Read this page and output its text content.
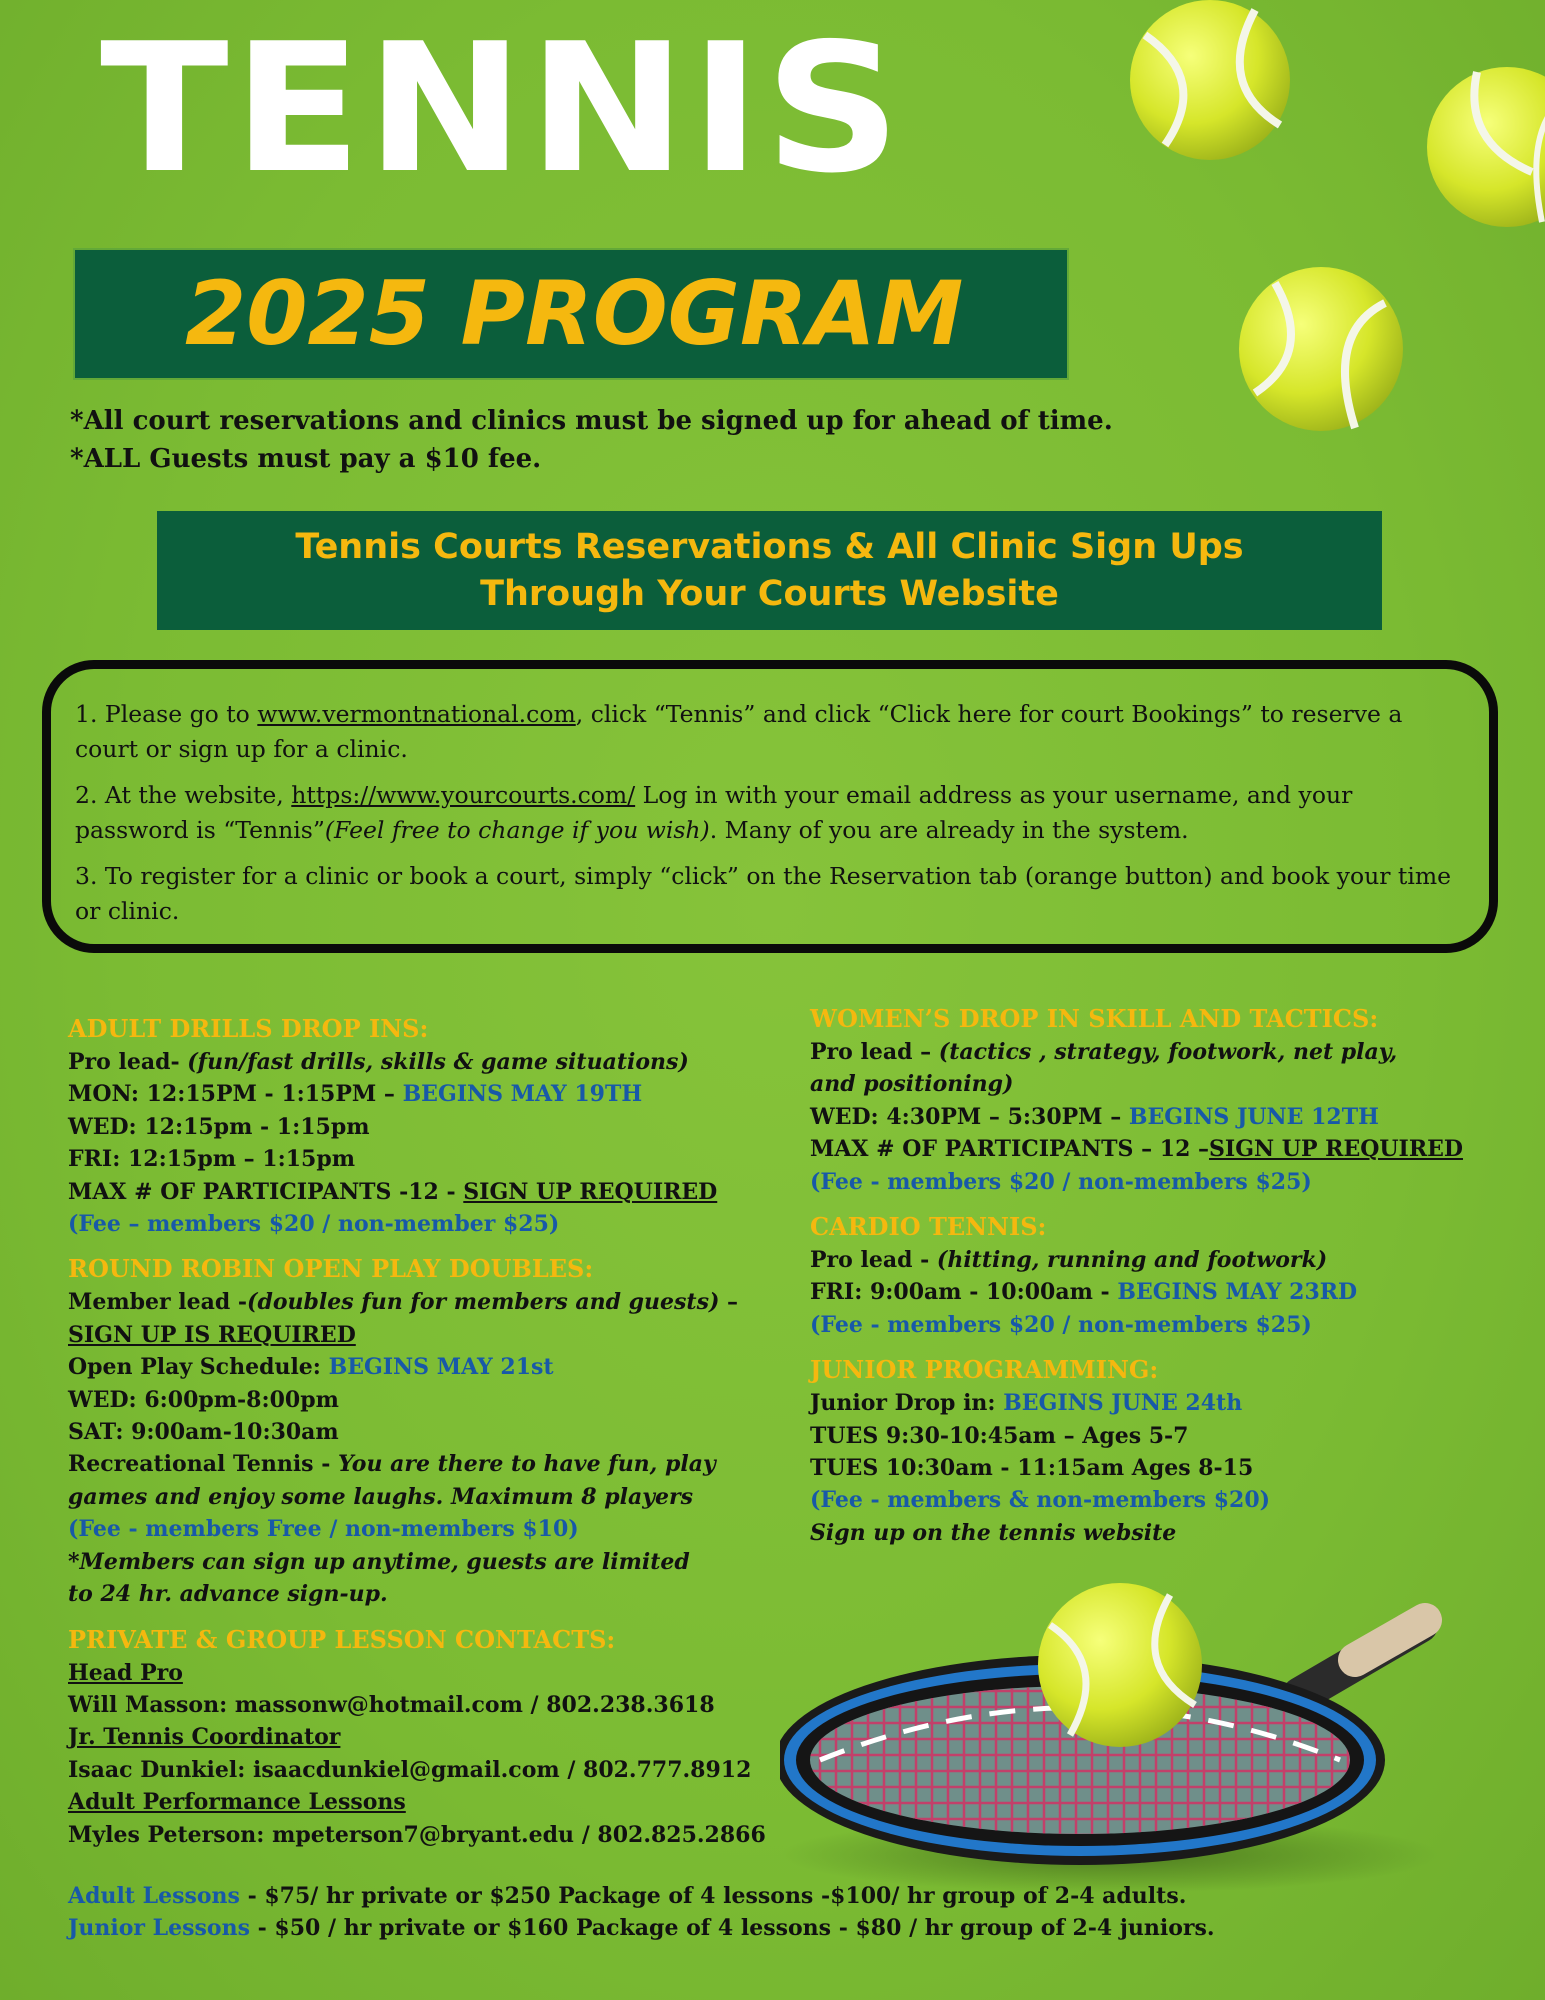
TENNIS
2025 PROGRAM
*All court reservations and clinics must be signed up for ahead of time.
*ALL Guests must pay a $10 fee.
Tennis Courts Reservations & All Clinic Sign Ups
Through Your Courts Website

1. Please go to www.vermontnational.com, click “Tennis” and click “Click here for court Bookings” to reserve a court or sign up for a clinic.

2. At the website, https://www.yourcourts.com/ Log in with your email address as your username, and your password is “Tennis”(Feel free to change if you wish). Many of you are already in the system.

3. To register for a clinic or book a court, simply “click” on the Reservation tab (orange button) and book your time or clinic.

ADULT DRILLS DROP INS:
Pro lead- (fun/fast drills, skills & game situations)
MON: 12:15PM - 1:15PM – BEGINS MAY 19TH
WED: 12:15pm - 1:15pm
FRI: 12:15pm – 1:15pm
MAX # OF PARTICIPANTS -12 - SIGN UP REQUIRED
(Fee – members $20 / non-member $25)
ROUND ROBIN OPEN PLAY DOUBLES:
Member lead -(doubles fun for members and guests) –
SIGN UP IS REQUIRED
Open Play Schedule: BEGINS MAY 21st
WED: 6:00pm-8:00pm
SAT: 9:00am-10:30am
Recreational Tennis - You are there to have fun, play
games and enjoy some laughs. Maximum 8 players
(Fee - members Free / non-members $10)
*Members can sign up anytime, guests are limited
to 24 hr. advance sign-up.
PRIVATE & GROUP LESSON CONTACTS:
Head Pro
Will Masson: massonw@hotmail.com / 802.238.3618
Jr. Tennis Coordinator
Isaac Dunkiel: isaacdunkiel@gmail.com / 802.777.8912
Adult Performance Lessons
Myles Peterson: mpeterson7@bryant.edu / 802.825.2866
WOMEN’S DROP IN SKILL AND TACTICS:
Pro lead – (tactics , strategy, footwork, net play,
and positioning)
WED: 4:30PM – 5:30PM – BEGINS JUNE 12TH
MAX # OF PARTICIPANTS – 12 –SIGN UP REQUIRED
(Fee - members $20 / non-members $25)
CARDIO TENNIS:
Pro lead - (hitting, running and footwork)
FRI: 9:00am - 10:00am - BEGINS MAY 23RD
(Fee - members $20 / non-members $25)
JUNIOR PROGRAMMING:
Junior Drop in: BEGINS JUNE 24th
TUES 9:30-10:45am – Ages 5-7
TUES 10:30am - 11:15am Ages 8-15
(Fee - members & non-members $20)
Sign up on the tennis website
Adult Lessons - $75/ hr private or $250 Package of 4 lessons -$100/ hr group of 2-4 adults.
Junior Lessons - $50 / hr private or $160 Package of 4 lessons - $80 / hr group of 2-4 juniors.
